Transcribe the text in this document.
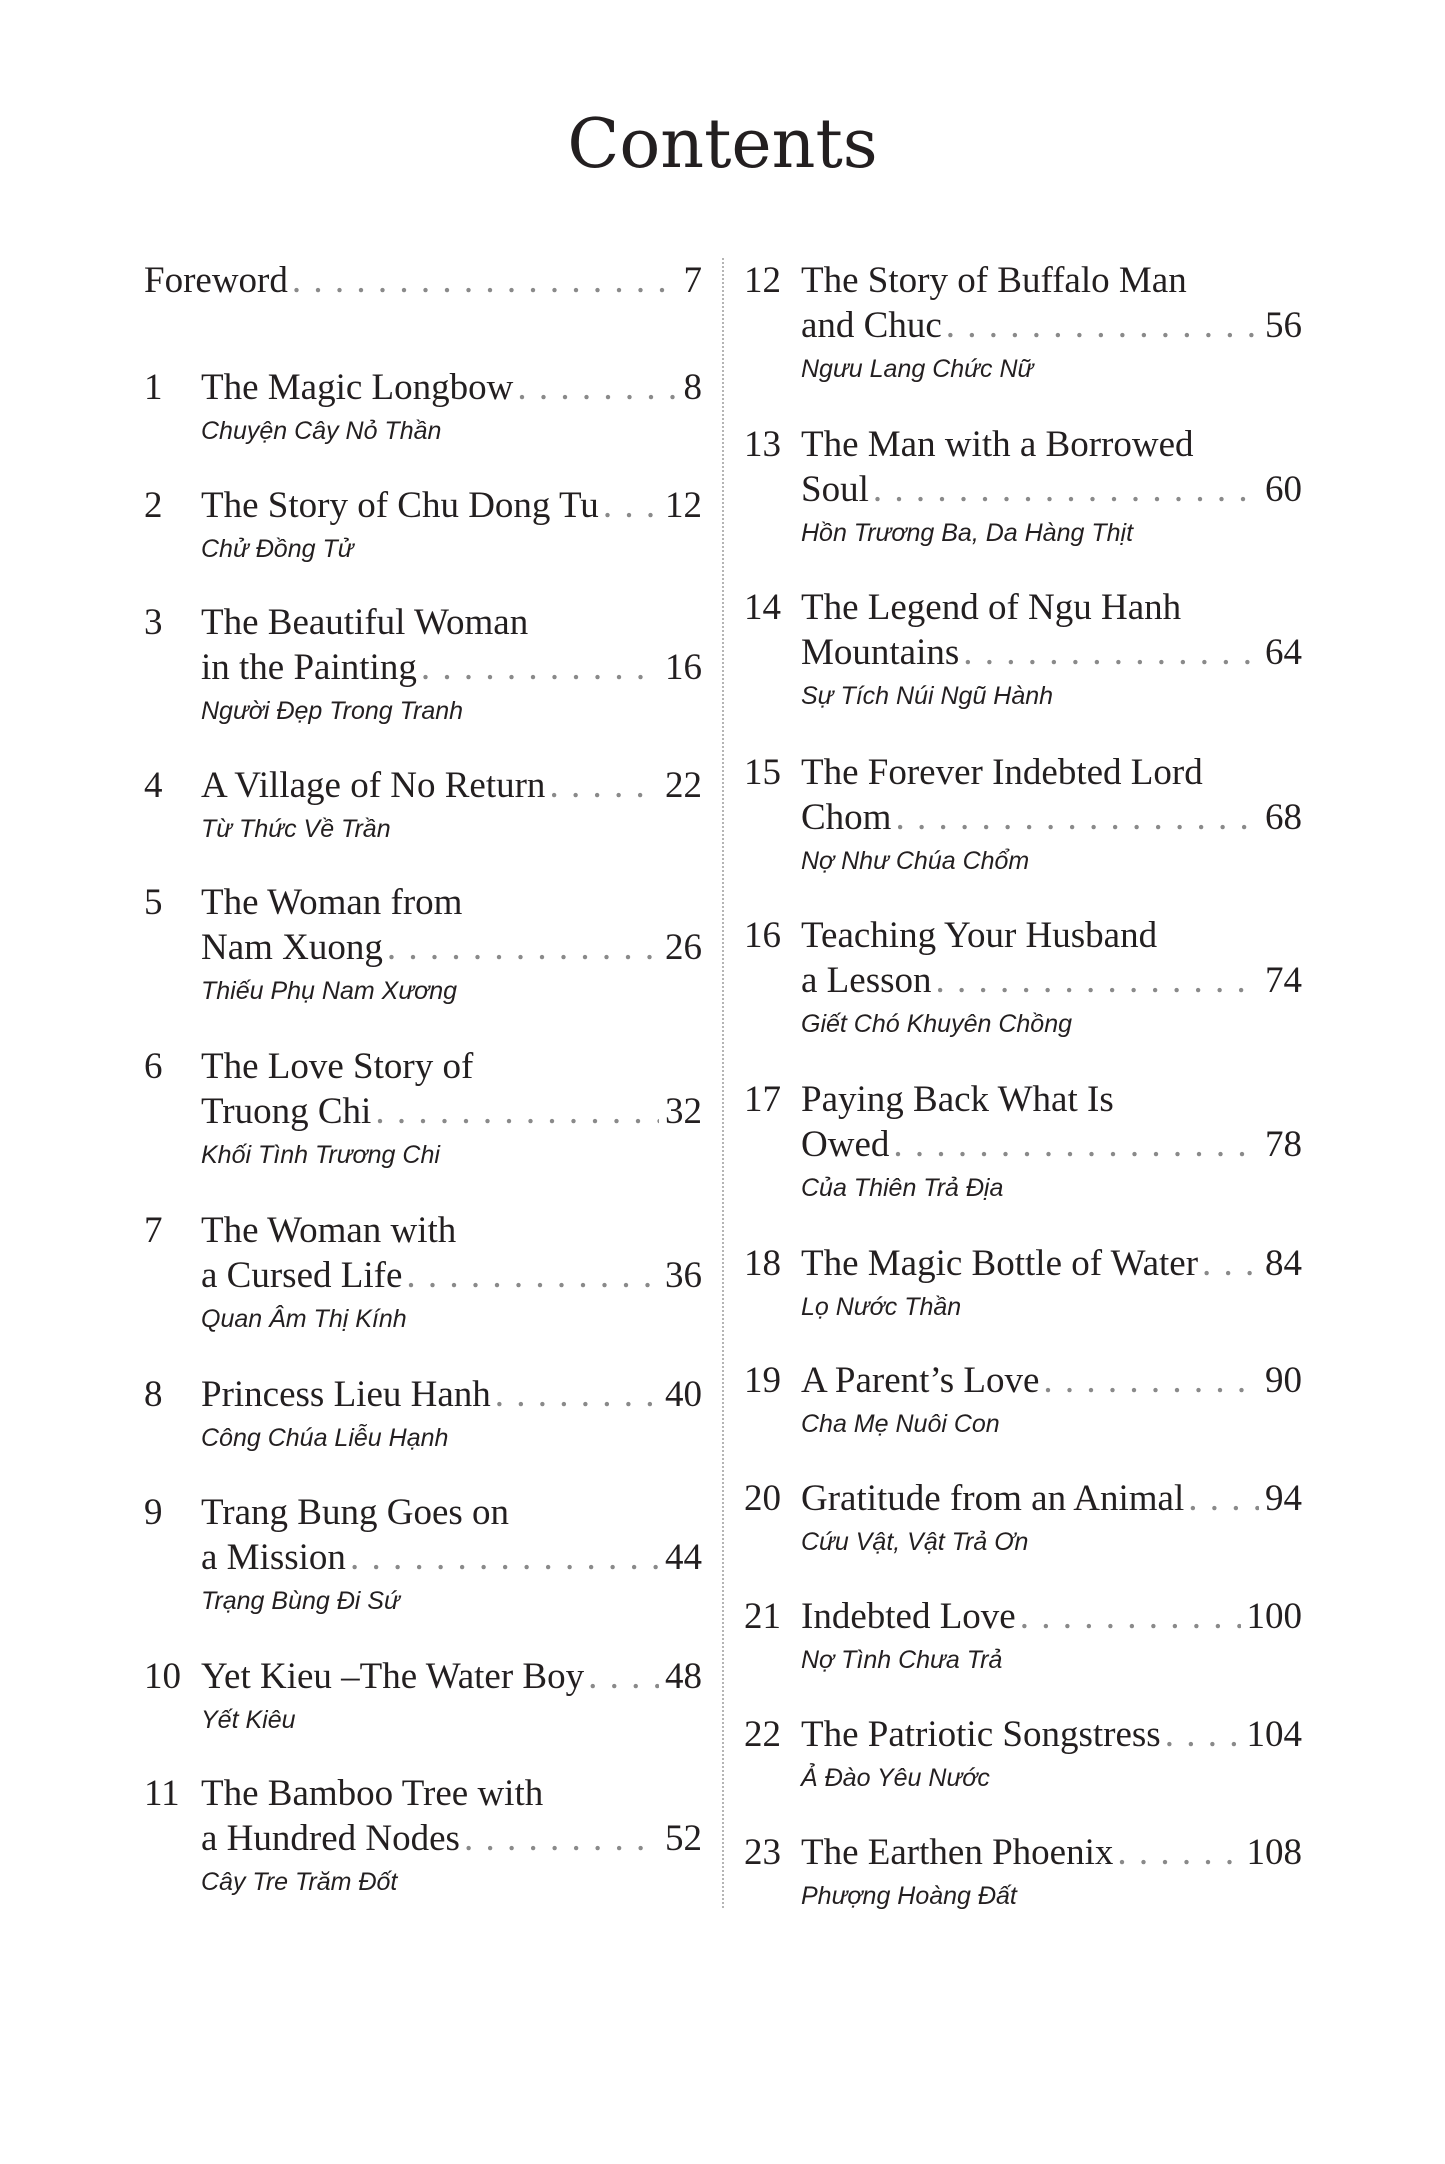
Contents
Foreword . . .	7
1	The Magic Longbow . . .	8
Chuyện Cây Nỏ Thần
2	The Story of Chu Dong Tu . . . 12
Chử Đồng Tử
3	The Beautiful Woman
in the Painting . . .	16
Người Đẹp Trong Tranh
4	A Village of No Return . . .	22
Từ Thức Về Trần
5	The Woman from
Nam Xuong . . .	26
Thiếu Phụ Nam Xương
6	The Love Story of
Truong Chi . . .	32
Khối Tình Trương Chi
7	The Woman with
a Cursed Life . . .	36
Quan Âm Thị Kính
8	Princess Lieu Hanh . . .	40
Công Chúa Liễu Hạnh
9	Trang Bung Goes on
a Mission . . .	44
Trạng Bùng Đi Sứ
10 Yet Kieu –The Water Boy . . . 48
Yết Kiêu
11 The Bamboo Tree with
a Hundred Nodes . . .	52
Cây Tre Trăm Đốt
12 The Story of Buffalo Man
and Chuc . . .	56
Ngưu Lang Chức Nữ
13 The Man with a Borrowed
Soul . . .	60
Hồn Trương Ba, Da Hàng Thịt
14 The Legend of Ngu Hanh
Mountains . . .	64
Sự Tích Núi Ngũ Hành
15 The Forever Indebted Lord
Chom . . .	68
Nợ Như Chúa Chổm
16 Teaching Your Husband
a Lesson . . .	74
Giết Chó Khuyên Chồng
17 Paying Back What Is
Owed . . .	78
Của Thiên Trả Địa
18 The Magic Bottle of Water . . . 84
Lọ Nước Thần
19 A Parent’s Love . . .	90
Cha Mẹ Nuôi Con
20 Gratitude from an Animal . . . 94
Cứu Vật, Vật Trả Ơn
21 Indebted Love . . .	100
Nợ Tình Chưa Trả
22 The Patriotic Songstress . . . 104
Ả Đào Yêu Nước
23 The Earthen Phoenix . . .	108
Phượng Hoàng Đất
